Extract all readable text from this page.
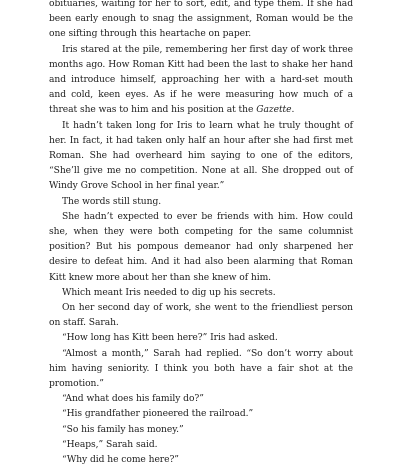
obituaries, waiting for her to sort, edit, and type them. If she had been early enough to snag the assignment, Roman would be the one sifting through this heartache on paper.

Iris stared at the pile, remembering her first day of work three months ago. How Roman Kitt had been the last to shake her hand and introduce himself, approaching her with a hard-set mouth and cold, keen eyes. As if he were measuring how much of a threat she was to him and his position at the Gazette.

It hadn’t taken long for Iris to learn what he truly thought of her. In fact, it had taken only half an hour after she had first met Roman. She had overheard him saying to one of the editors, “She’ll give me no competition. None at all. She dropped out of Windy Grove School in her final year.”

The words still stung.

She hadn’t expected to ever be friends with him. How could she, when they were both competing for the same columnist position? But his pompous demeanor had only sharpened her desire to defeat him. And it had also been alarming that Roman Kitt knew more about her than she knew of him.

Which meant Iris needed to dig up his secrets.

On her second day of work, she went to the friendliest person on staff. Sarah.

“How long has Kitt been here?” Iris had asked.

“Almost a month,” Sarah had replied. “So don’t worry about him having seniority. I think you both have a fair shot at the promotion.”

“And what does his family do?”

“His grandfather pioneered the railroad.”

“So his family has money.”

“Heaps,” Sarah said.

“Why did he come here?”
